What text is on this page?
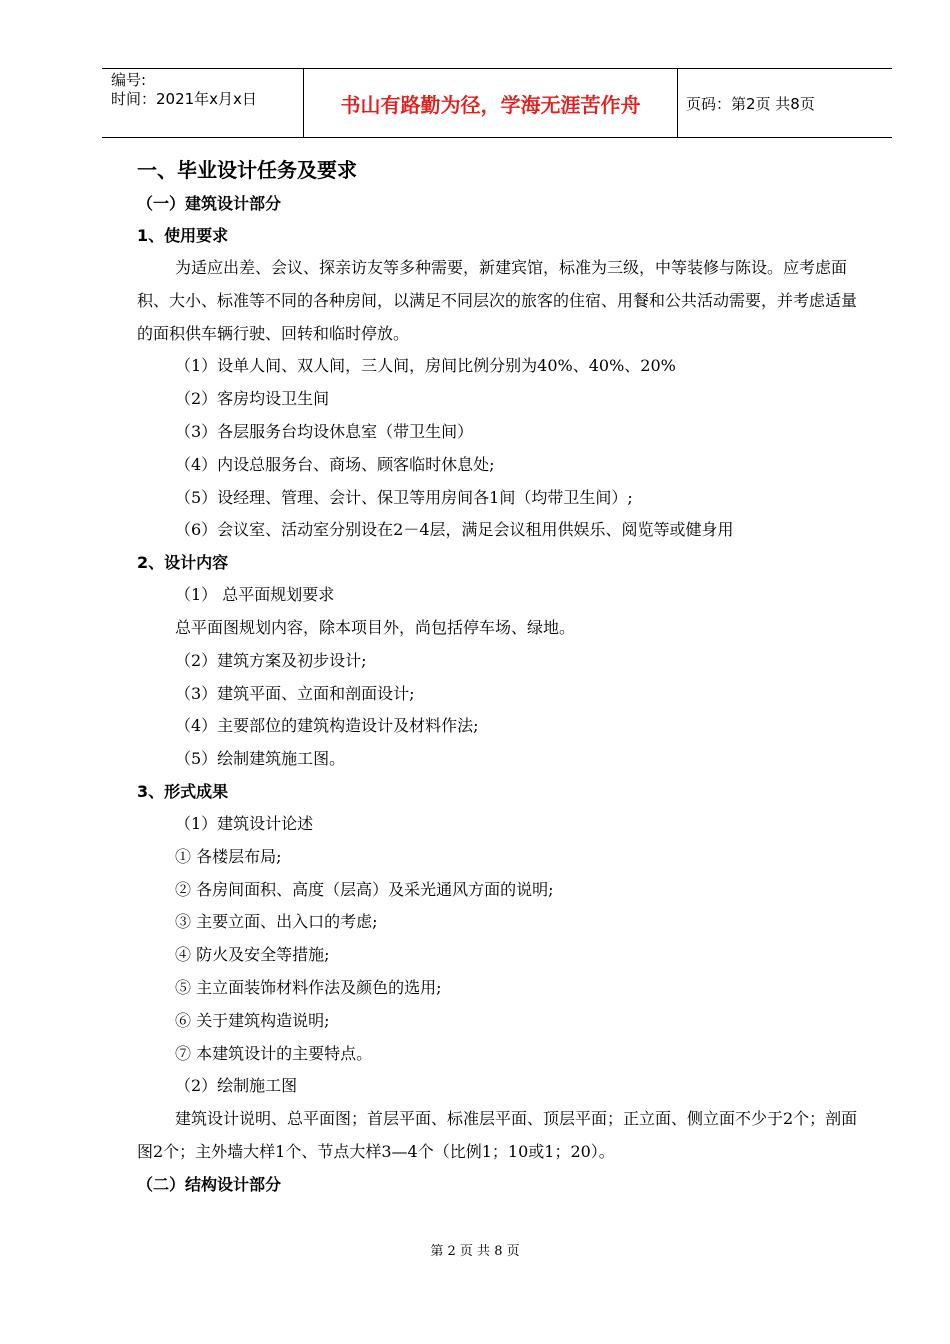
编号:
时间：2021年x月x日	书山有路勤为径，学海无涯苦作舟	页码：第2页 共8页
一、毕业设计任务及要求
（一）建筑设计部分
1、使用要求
为适应出差、会议、探亲访友等多种需要，新建宾馆，标准为三级，中等装修与陈设。应考虑面积、大小、标准等不同的各种房间，以满足不同层次的旅客的住宿、用餐和公共活动需要，并考虑适量的面积供车辆行驶、回转和临时停放。
（1）设单人间、双人间，三人间，房间比例分别为40%、40%、20%
（2）客房均设卫生间
（3）各层服务台均设休息室（带卫生间）
（4）内设总服务台、商场、顾客临时休息处;
（5）设经理、管理、会计、保卫等用房间各1间（均带卫生间）;
（6）会议室、活动室分别设在2－4层，满足会议租用供娱乐、阅览等或健身用
2、设计内容
（1） 总平面规划要求
总平面图规划内容，除本项目外，尚包括停车场、绿地。
（2）建筑方案及初步设计;
（3）建筑平面、立面和剖面设计;
（4）主要部位的建筑构造设计及材料作法;
（5）绘制建筑施工图。
3、形式成果
（1）建筑设计论述
① 各楼层布局;
② 各房间面积、高度（层高）及采光通风方面的说明;
③ 主要立面、出入口的考虑;
④ 防火及安全等措施;
⑤ 主立面装饰材料作法及颜色的选用;
⑥ 关于建筑构造说明;
⑦ 本建筑设计的主要特点。
（2）绘制施工图
建筑设计说明、总平面图；首层平面、标准层平面、顶层平面；正立面、侧立面不少于2个；剖面图2个；主外墙大样1个、节点大样3—4个（比例1；10或1；20）。
（二）结构设计部分
第 2 页 共 8 页
